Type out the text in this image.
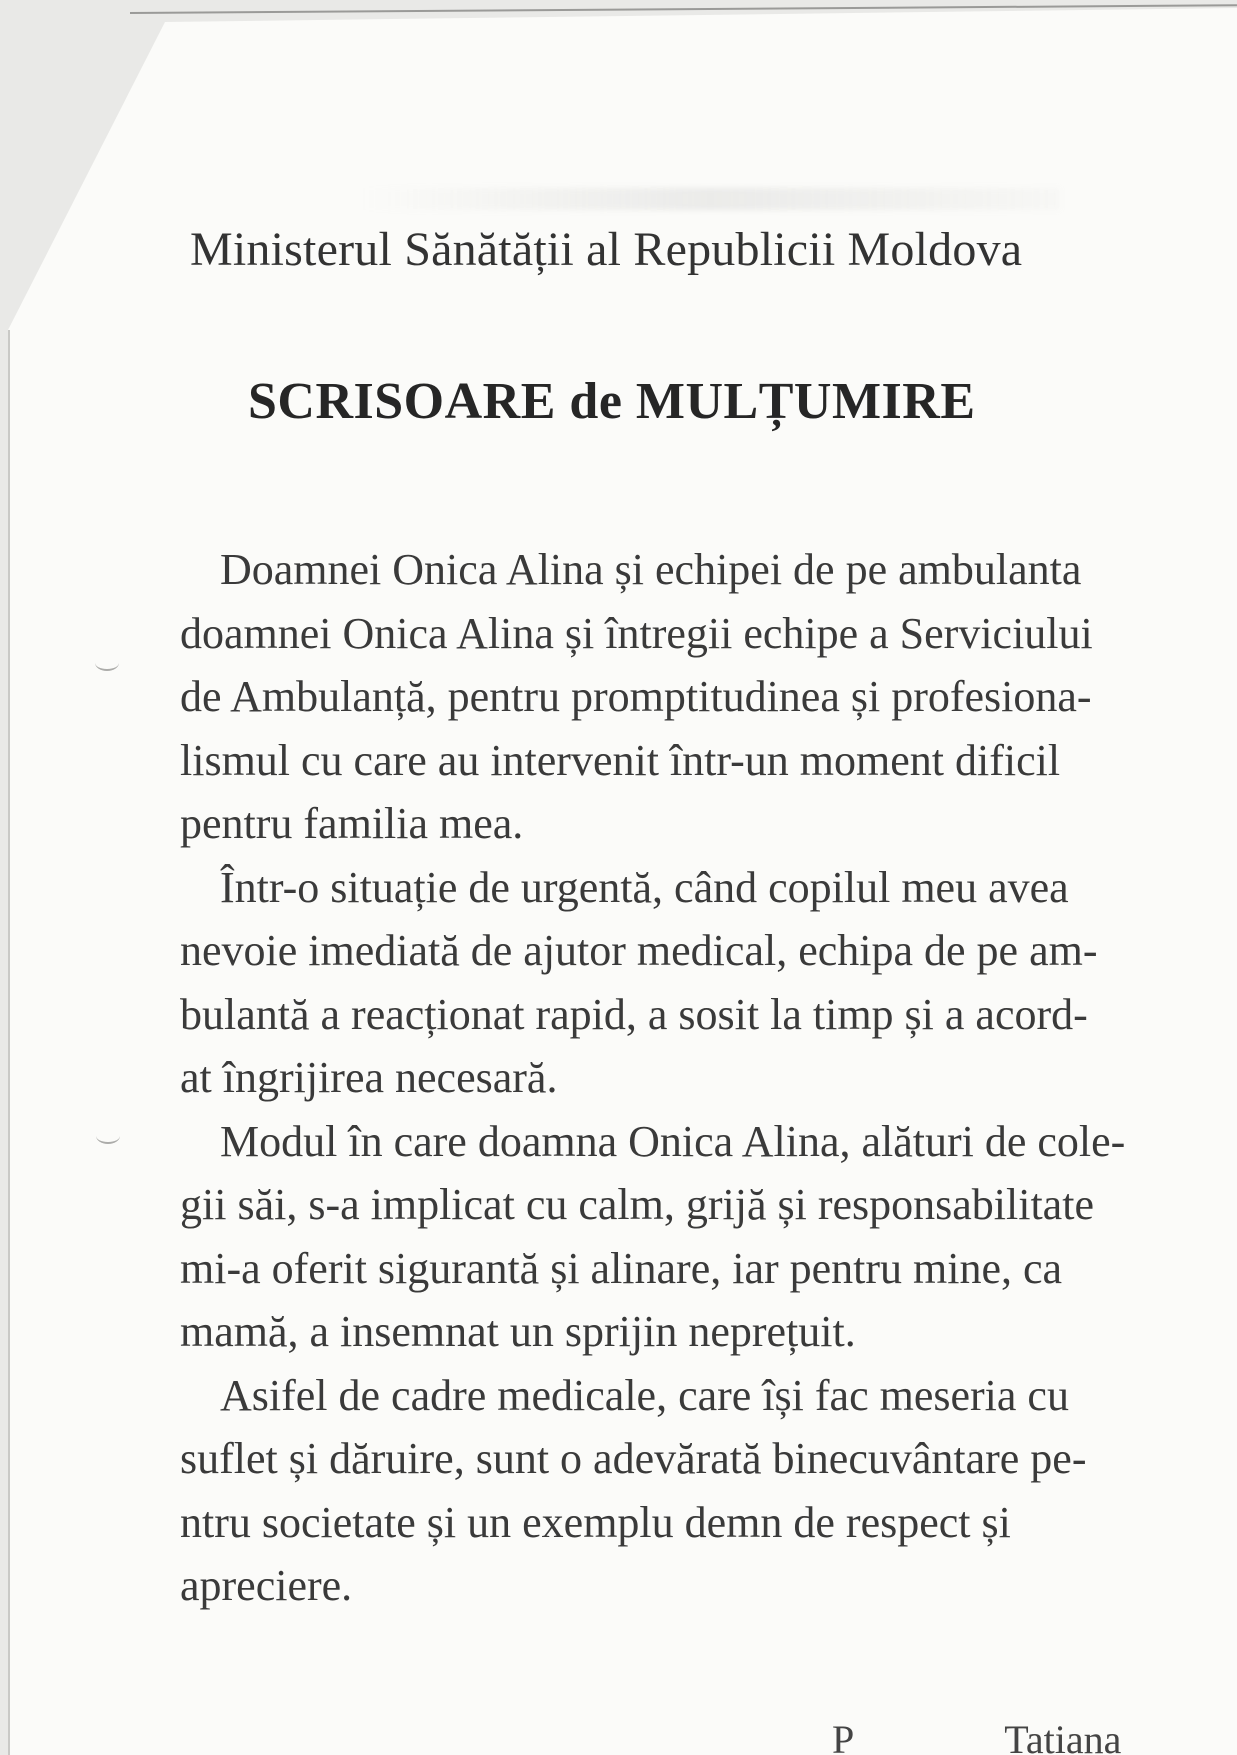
Ministerul Sănătății al Republicii Moldova
SCRISOARE de MULȚUMIRE
Doamnei Onica Alina și echipei de pe ambulanta
doamnei Onica Alina și întregii echipe a Serviciului
de Ambulanță, pentru promptitudinea și profesiona-
lismul cu care au intervenit într-un moment dificil
pentru familia mea.
Într-o situație de urgentă, când copilul meu avea
nevoie imediată de ajutor medical, echipa de pe am-
bulantă a reacționat rapid, a sosit la timp și a acord-
at îngrijirea necesară.
Modul în care doamna Onica Alina, alături de cole-
gii săi, s-a implicat cu calm, grijă și responsabilitate
mi-a oferit sigurantă și alinare, iar pentru mine, ca
mamă, a insemnat un sprijin neprețuit.
Asifel de cadre medicale, care își fac meseria cu
suflet și dăruire, sunt o adevărată binecuvântare pe-
ntru societate și un exemplu demn de respect și
apreciere.
P	Tatiana
